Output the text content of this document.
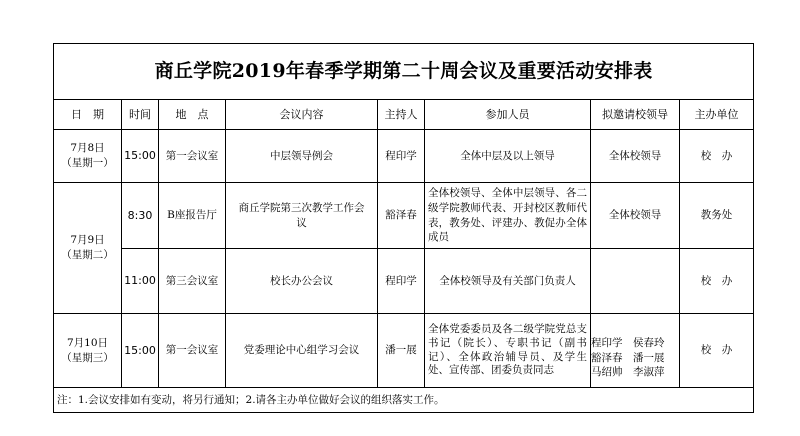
商丘学院2019年春季学期第二十周会议及重要活动安排表							
日　期	时间	地　点	会议内容	主持人	参加人员	拟邀请校领导	主办单位

7月8日
（星期一）	15:00	第一会议室	中层领导例会	程印学	全体中层及以上领导	全体校领导	校　办

7月9日
（星期二）	8:30	B座报告厅	商丘学院第三次教学工作会议	豁泽春	全体校领导、全体中层领导、各二级学院教师代表、开封校区教师代表，教务处、评建办、教促办全体成员	全体校领导	教务处
	11:00	第三会议室	校长办公会议	程印学	全体校领导及有关部门负责人		校　办

7月10日
（星期三）	15:00	第一会议室	党委理论中心组学习会议	潘一展	全体党委委员及各二级学院党总支书记（院长）、专职书记（副书记）、全体政治辅导员、及学生处、宣传部、团委负责同志	程印学　侯春玲
豁泽春　潘一展
马绍帅　李淑萍	校　办
注：1.会议安排如有变动，将另行通知；2.请各主办单位做好会议的组织落实工作。							
